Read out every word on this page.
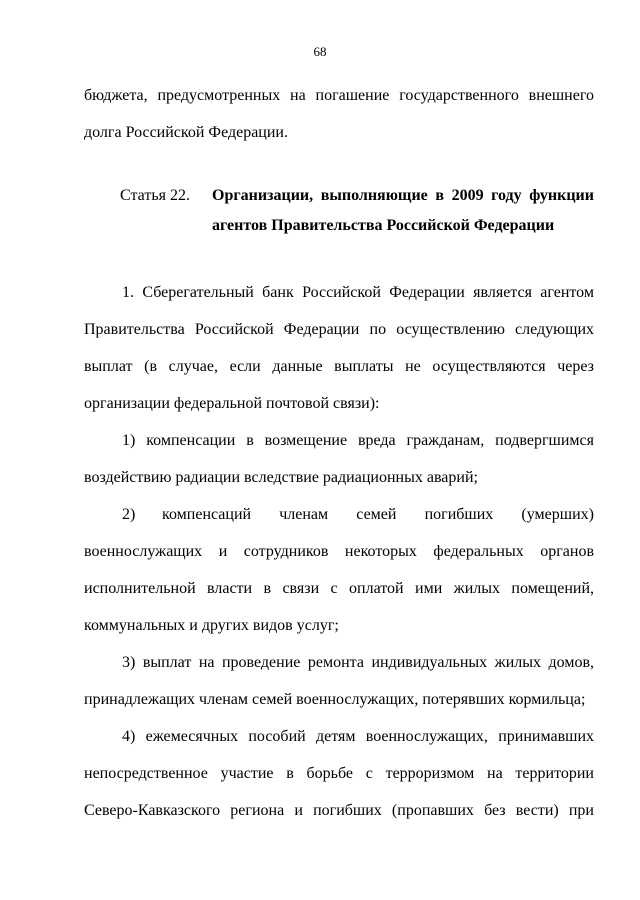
68
бюджета, предусмотренных на погашение государственного внешнего
долга Российской Федерации.
Статья 22. Организации, выполняющие в 2009 году функции
агентов Правительства Российской Федерации
1. Сберегательный банк Российской Федерации является агентом
Правительства Российской Федерации по осуществлению следующих
выплат (в случае, если данные выплаты не осуществляются через
организации федеральной почтовой связи):
1) компенсации в возмещение вреда гражданам, подвергшимся
воздействию радиации вследствие радиационных аварий;
2) компенсаций членам семей погибших (умерших)
военнослужащих и сотрудников некоторых федеральных органов
исполнительной власти в связи с оплатой ими жилых помещений,
коммунальных и других видов услуг;
3) выплат на проведение ремонта индивидуальных жилых домов,
принадлежащих членам семей военнослужащих, потерявших кормильца;
4) ежемесячных пособий детям военнослужащих, принимавших
непосредственное участие в борьбе с терроризмом на территории
Северо-Кавказского региона и погибших (пропавших без вести) при
